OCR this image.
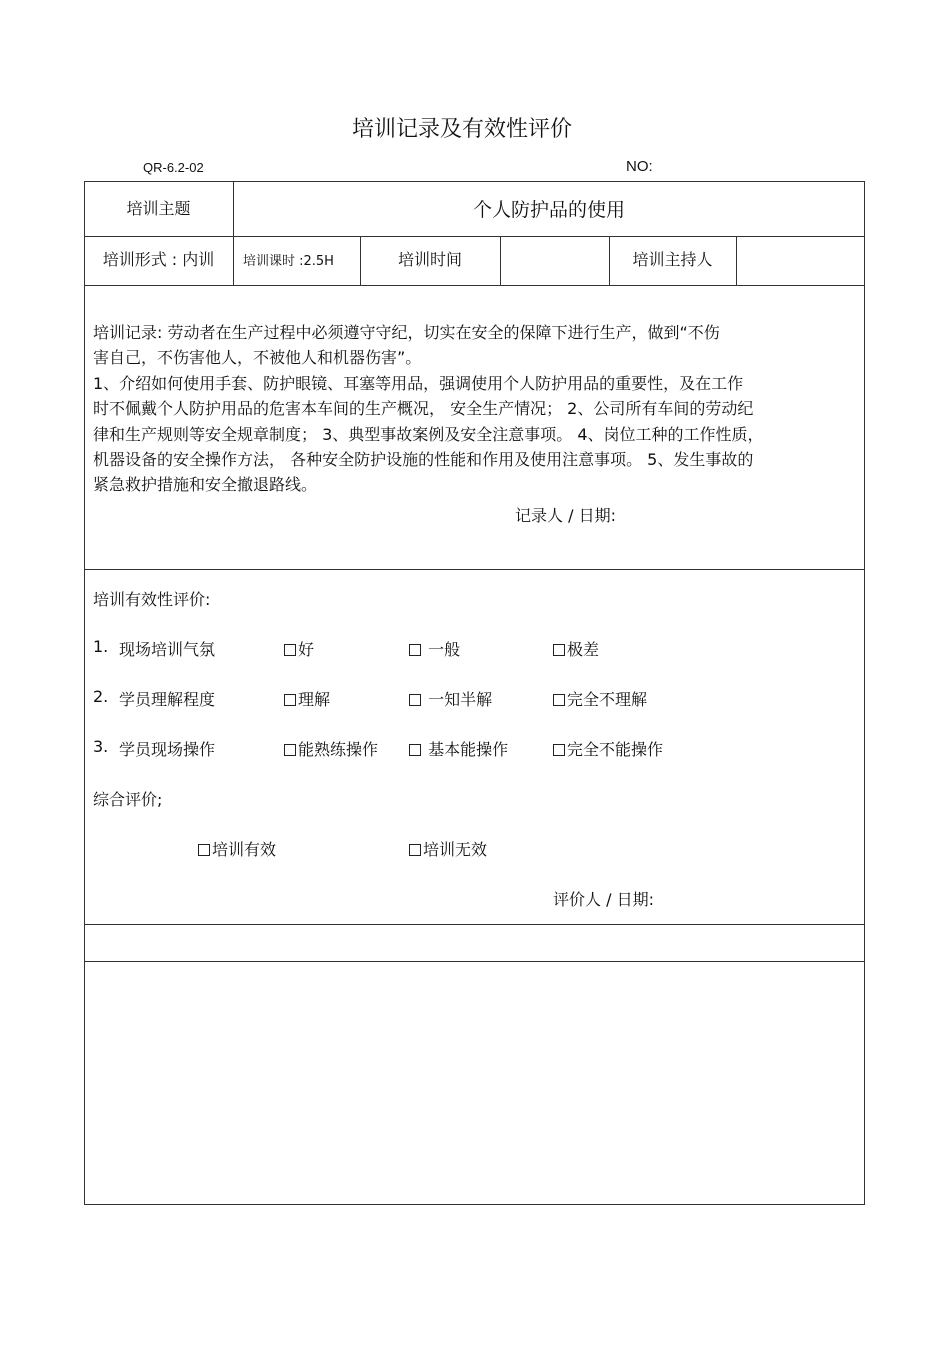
培训记录及有效性评价
QR-6.2-02	NO:
培训主题	个人防护品的使用
培训形式 : 内训	培训课时 :2.5H	培训时间	培训主持人

培训记录: 劳动者在生产过程中必须遵守守纪，切实在安全的保障下进行生产，做到“不伤

害自己，不伤害他人，不被他人和机器伤害”。

1、介绍如何使用手套、防护眼镜、耳塞等用品，强调使用个人防护用品的重要性，及在工作

时不佩戴个人防护用品的危害本车间的生产概况， 安全生产情况； 2、公司所有车间的劳动纪

律和生产规则等安全规章制度； 3、典型事故案例及安全注意事项。 4、岗位工种的工作性质，

机器设备的安全操作方法， 各种安全防护设施的性能和作用及使用注意事项。 5、发生事故的

紧急救护措施和安全撤退路线。

记录人 / 日期:
培训有效性评价:
1. 现场培训气氛	好	一般	极差
2. 学员理解程度	理解	一知半解	完全不理解
3. 学员现场操作	能熟练操作	基本能操作	完全不能操作
综合评价;
培训有效	培训无效
评价人 / 日期:
